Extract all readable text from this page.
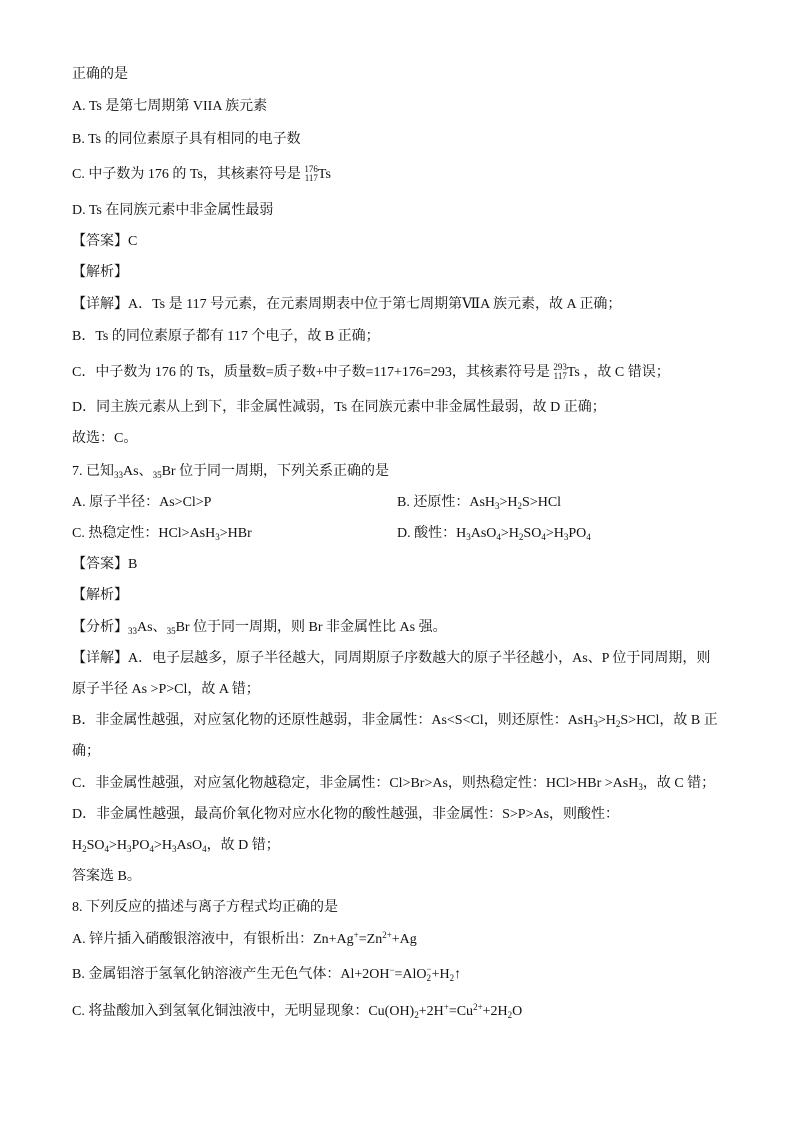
正确的是
A. Ts 是第七周期第 VIIA 族元素
B. Ts 的同位素原子具有相同的电子数
C. 中子数为 176 的 Ts，其核素符号是 176
117 Ts
D. Ts 在同族元素中非金属性最弱
【答案】C
【解析】
【详解】A．Ts 是 117 号元素，在元素周期表中位于第七周期第ⅦA 族元素，故 A 正确；
B．Ts 的同位素原子都有 117 个电子，故 B 正确；
C．中子数为 176 的 Ts，质量数=质子数+中子数=117+176=293，其核素符号是 293
117 Ts ，故 C 错误；
D．同主族元素从上到下，非金属性减弱，Ts 在同族元素中非金属性最弱，故 D 正确；
故选：C。
7. 已知$_{33}$As、$_{35}$Br 位于同一周期，下列关系正确的是
A. 原子半径：As>Cl>P	B. 还原性：$AsH_3>H_2S>HCl$
C. 热稳定性：HCl>AsH$_3$>HBr	D. 酸性：$H_3AsO_4>H_2SO_4>H_3PO_4$
【答案】B
【解析】
【分析】$_{33}$As、$_{35}$Br 位于同一周期，则 Br 非金属性比 As 强。
【详解】A．电子层越多，原子半径越大，同周期原子序数越大的原子半径越小，As、P 位于同周期，则
原子半径 As >P>Cl，故 A 错；
B．非金属性越强，对应氢化物的还原性越弱，非金属性：As<S<Cl，则还原性：$AsH_3>H_2S>HCl$，故 B 正
确；
C．非金属性越强，对应氢化物越稳定，非金属性：Cl>Br>As，则热稳定性：HCl>HBr >AsH$_3$，故 C 错；
D．非金属性越强，最高价氧化物对应水化物的酸性越强，非金属性：S>P>As，则酸性：
$H_2SO_4>H_3PO_4>H_3AsO_4$，故 D 错；
答案选 B。
8. 下列反应的描述与离子方程式均正确的是
A. 锌片插入硝酸银溶液中，有银析出：$Zn+Ag^+=Zn^{2+}+Ag$
B. 金属铝溶于氢氧化钠溶液产生无色气体：Al+2OH−=AlO −
$2 +H_2↑$
C. 将盐酸加入到氢氧化铜浊液中，无明显现象：$Cu(OH)_2+2H^+=Cu^{2+}+2H_2O$
